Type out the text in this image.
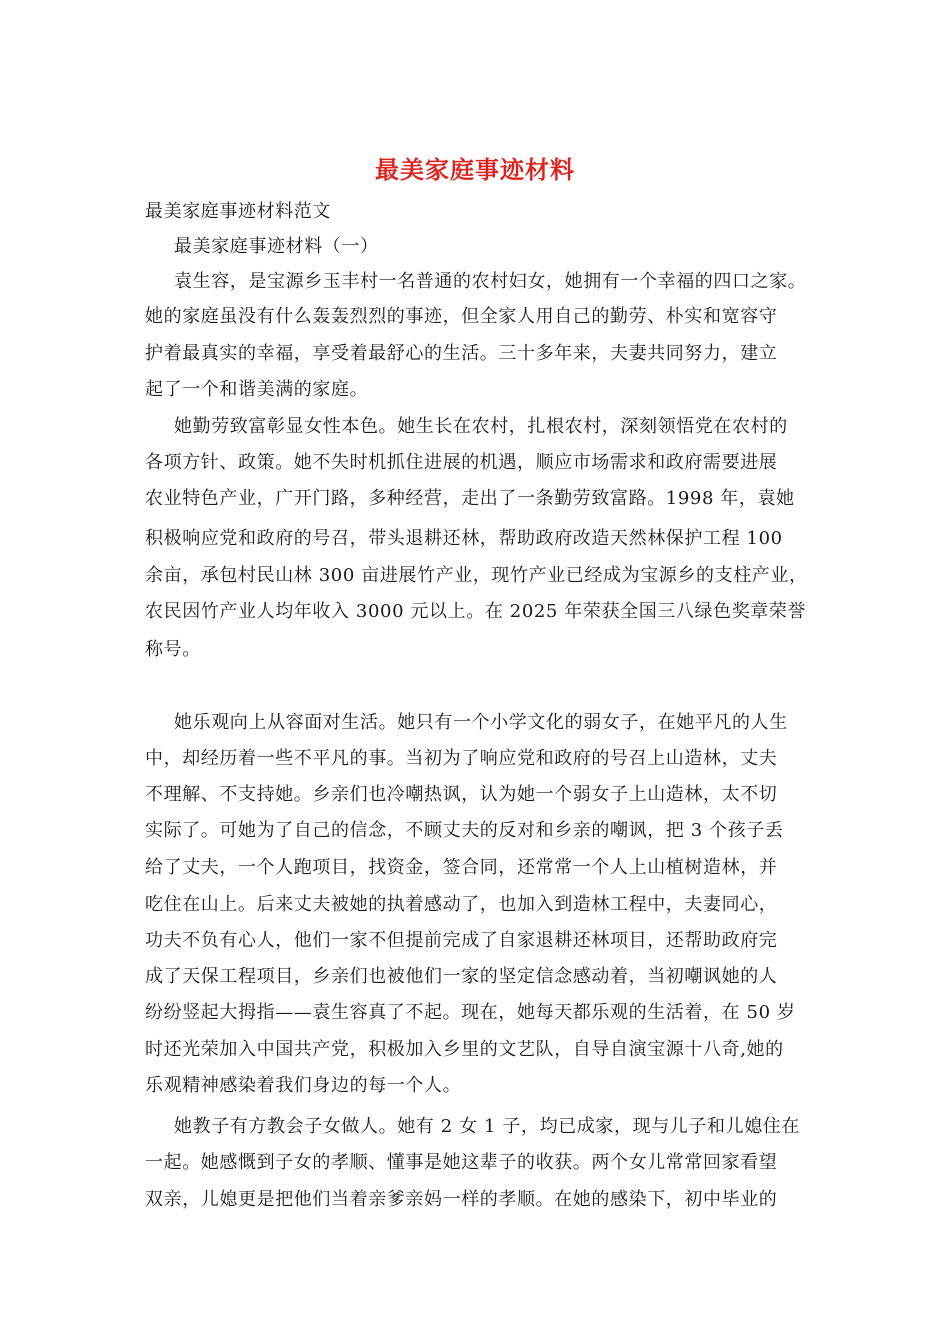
最美家庭事迹材料
最美家庭事迹材料范文
最美家庭事迹材料（一）
袁生容，是宝源乡玉丰村一名普通的农村妇女，她拥有一个幸福的四口之家。
她的家庭虽没有什么轰轰烈烈的事迹，但全家人用自己的勤劳、朴实和宽容守
护着最真实的幸福，享受着最舒心的生活。三十多年来，夫妻共同努力，建立
起了一个和谐美满的家庭。
她勤劳致富彰显女性本色。她生长在农村，扎根农村，深刻领悟党在农村的
各项方针、政策。她不失时机抓住进展的机遇，顺应市场需求和政府需要进展
农业特色产业，广开门路，多种经营，走出了一条勤劳致富路。1998 年，袁她
积极响应党和政府的号召，带头退耕还林，帮助政府改造天然林保护工程 100
余亩，承包村民山林 300 亩进展竹产业，现竹产业已经成为宝源乡的支柱产业，
农民因竹产业人均年收入 3000 元以上。在 2025 年荣获全国三八绿色奖章荣誉
称号。
她乐观向上从容面对生活。她只有一个小学文化的弱女子，在她平凡的人生
中，却经历着一些不平凡的事。当初为了响应党和政府的号召上山造林，丈夫
不理解、不支持她。乡亲们也冷嘲热讽，认为她一个弱女子上山造林，太不切
实际了。可她为了自己的信念，不顾丈夫的反对和乡亲的嘲讽，把 3 个孩子丢
给了丈夫，一个人跑项目，找资金，签合同，还常常一个人上山植树造林，并
吃住在山上。后来丈夫被她的执着感动了，也加入到造林工程中，夫妻同心，
功夫不负有心人，他们一家不但提前完成了自家退耕还林项目，还帮助政府完
成了天保工程项目，乡亲们也被他们一家的坚定信念感动着，当初嘲讽她的人
纷纷竖起大拇指——袁生容真了不起。现在，她每天都乐观的生活着，在 50 岁
时还光荣加入中国共产党，积极加入乡里的文艺队，自导自演宝源十八奇,她的
乐观精神感染着我们身边的每一个人。
她教子有方教会子女做人。她有 2 女 1 子，均已成家，现与儿子和儿媳住在
一起。她感慨到子女的孝顺、懂事是她这辈子的收获。两个女儿常常回家看望
双亲，儿媳更是把他们当着亲爹亲妈一样的孝顺。在她的感染下，初中毕业的
